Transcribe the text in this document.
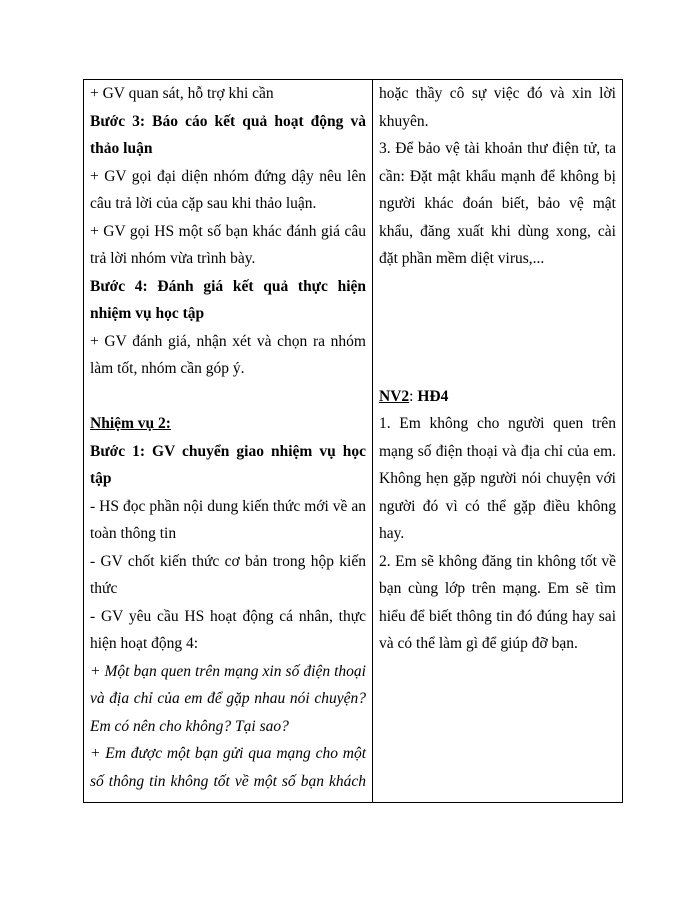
+ GV quan sát, hỗ trợ khi cần
Bước 3: Báo cáo kết quả hoạt động và
thảo luận
+ GV gọi đại diện nhóm đứng dậy nêu lên
câu trả lời của cặp sau khi thảo luận.
+ GV gọi HS một số bạn khác đánh giá câu
trả lời nhóm vừa trình bày.
Bước 4: Đánh giá kết quả thực hiện
nhiệm vụ học tập
+ GV đánh giá, nhận xét và chọn ra nhóm
làm tốt, nhóm cần góp ý.
Nhiệm vụ 2:
Bước 1: GV chuyển giao nhiệm vụ học
tập
- HS đọc phần nội dung kiến thức mới về an
toàn thông tin
- GV chốt kiến thức cơ bản trong hộp kiến
thức
- GV yêu cầu HS hoạt động cá nhân, thực
hiện hoạt động 4:
+ Một bạn quen trên mạng xin số điện thoại
và địa chỉ của em để gặp nhau nói chuyện?
Em có nên cho không? Tại sao?
+ Em được một bạn gửi qua mạng cho một
số thông tin không tốt về một số bạn khách

hoặc thầy cô sự việc đó và xin lời
khuyên.
3. Để bảo vệ tài khoản thư điện tử, ta
cần: Đặt mật khẩu mạnh để không bị
người khác đoán biết, bảo vệ mật
khẩu, đăng xuất khi dùng xong, cài
đặt phần mềm diệt virus,...
NV2: HĐ4
1. Em không cho người quen trên
mạng số điện thoại và địa chỉ của em.
Không hẹn gặp người nói chuyện với
người đó vì có thể gặp điều không
hay.
2. Em sẽ không đăng tin không tốt về
bạn cùng lớp trên mạng. Em sẽ tìm
hiểu để biết thông tin đó đúng hay sai
và có thể làm gì để giúp đỡ bạn.
